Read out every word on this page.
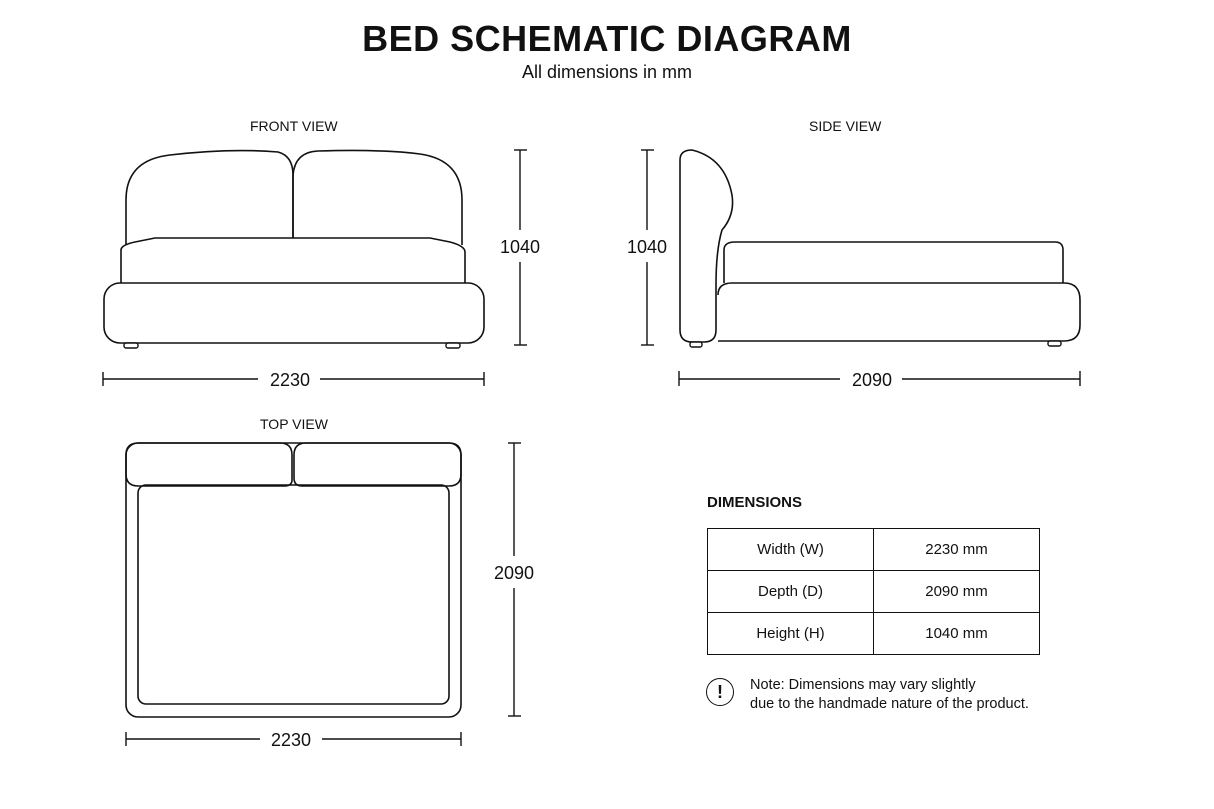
BED SCHEMATIC DIAGRAM
All dimensions in mm
FRONT VIEW	SIDE VIEW
TOP VIEW
2230
1040	1040
2090
2090
2230
DIMENSIONS
Width (W)	2230 mm
Depth (D)	2090 mm
Height (H)	1040 mm
!	Note: Dimensions may vary slightly
due to the handmade nature of the product.
